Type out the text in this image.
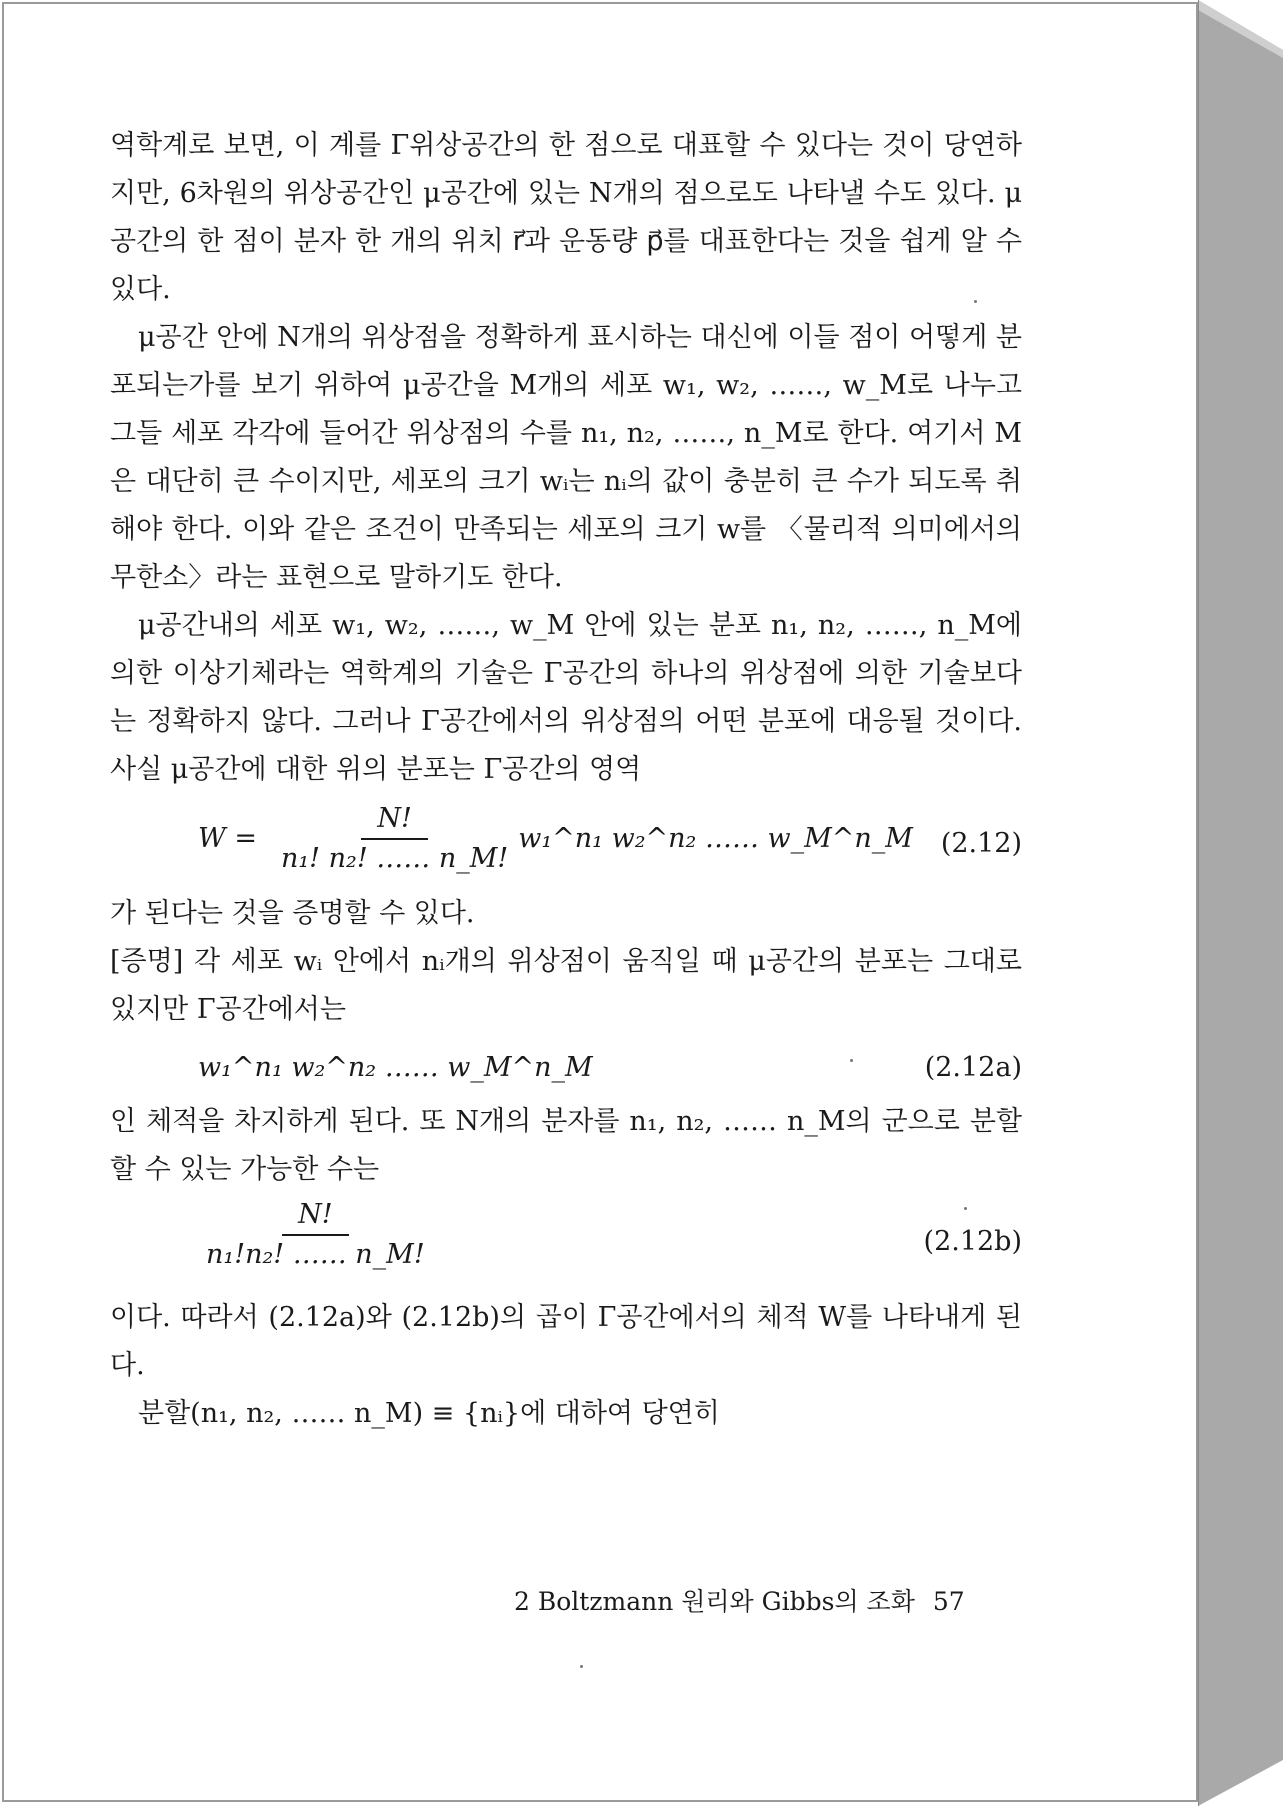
역학계로 보면, 이 계를 Γ위상공간의 한 점으로 대표할 수 있다는 것이 당연하지만, 6차원의 위상공간인 μ공간에 있는 N개의 점으로도 나타낼 수도 있다. μ공간의 한 점이 분자 한 개의 위치 r⃗과 운동량 p⃗를 대표한다는 것을 쉽게 알 수 있다.

μ공간 안에 N개의 위상점을 정확하게 표시하는 대신에 이들 점이 어떻게 분포되는가를 보기 위하여 μ공간을 M개의 세포 w₁, w₂, ……, w_M로 나누고 그들 세포 각각에 들어간 위상점의 수를 n₁, n₂, ……, n_M로 한다. 여기서 M은 대단히 큰 수이지만, 세포의 크기 wᵢ는 nᵢ의 값이 충분히 큰 수가 되도록 취해야 한다. 이와 같은 조건이 만족되는 세포의 크기 w를 〈물리적 의미에서의 무한소〉라는 표현으로 말하기도 한다.

μ공간내의 세포 w₁, w₂, ……, w_M 안에 있는 분포 n₁, n₂, ……, n_M에 의한 이상기체라는 역학계의 기술은 Γ공간의 하나의 위상점에 의한 기술보다는 정확하지 않다. 그러나 Γ공간에서의 위상점의 어떤 분포에 대응될 것이다. 사실 μ공간에 대한 위의 분포는 Γ공간의 영역

$W = \frac{N!}{\text{n₁! n₂! …… n\_M!}}$ w₁^n₁ w₂^n₂ …… w_M^n_M (2.12)

가 된다는 것을 증명할 수 있다.

[증명] 각 세포 wᵢ 안에서 nᵢ개의 위상점이 움직일 때 μ공간의 분포는 그대로 있지만 Γ공간에서는

w₁^n₁ w₂^n₂ …… w_M^n_M	(2.12a)

인 체적을 차지하게 된다. 또 N개의 분자를 n₁, n₂, …… n_M의 군으로 분할할 수 있는 가능한 수는

$\frac{N!}{\text{n₁!n₂! …… n\_M!}}$	(2.12b)

이다. 따라서 (2.12a)와 (2.12b)의 곱이 Γ공간에서의 체적 W를 나타내게 된다.

분할(n₁, n₂, …… n_M) ≡ {nᵢ}에 대하여 당연히

2 Boltzmann 원리와 Gibbs의 조화 57
